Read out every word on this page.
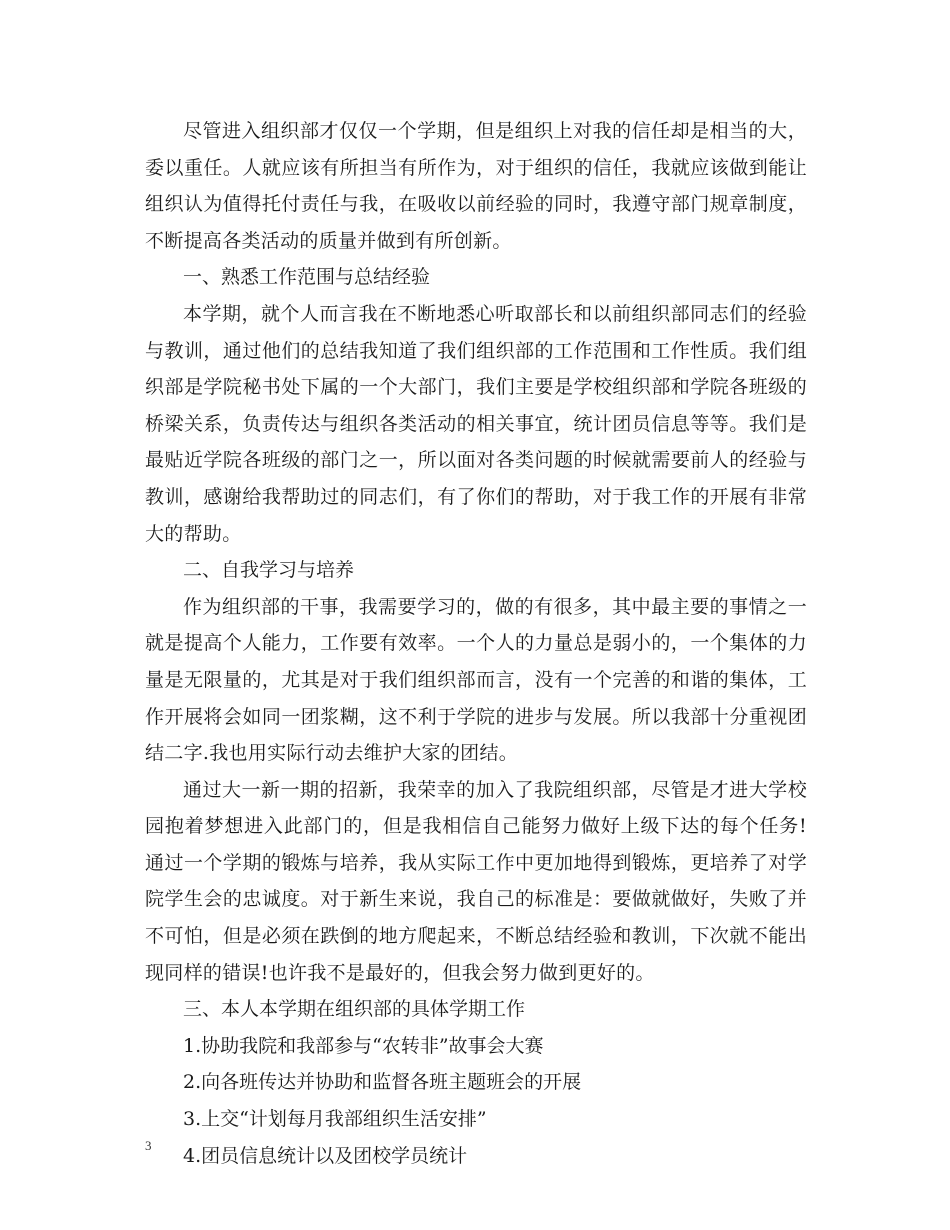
尽管进入组织部才仅仅一个学期，但是组织上对我的信任却是相当的大，委以重任。人就应该有所担当有所作为，对于组织的信任，我就应该做到能让组织认为值得托付责任与我，在吸收以前经验的同时，我遵守部门规章制度，不断提高各类活动的质量并做到有所创新。

一、熟悉工作范围与总结经验

本学期，就个人而言我在不断地悉心听取部长和以前组织部同志们的经验与教训，通过他们的总结我知道了我们组织部的工作范围和工作性质。我们组织部是学院秘书处下属的一个大部门，我们主要是学校组织部和学院各班级的桥梁关系，负责传达与组织各类活动的相关事宜，统计团员信息等等。我们是最贴近学院各班级的部门之一，所以面对各类问题的时候就需要前人的经验与教训，感谢给我帮助过的同志们，有了你们的帮助，对于我工作的开展有非常大的帮助。

二、自我学习与培养

作为组织部的干事，我需要学习的，做的有很多，其中最主要的事情之一就是提高个人能力，工作要有效率。一个人的力量总是弱小的，一个集体的力量是无限量的，尤其是对于我们组织部而言，没有一个完善的和谐的集体，工作开展将会如同一团浆糊，这不利于学院的进步与发展。所以我部十分重视团结二字.我也用实际行动去维护大家的团结。

通过大一新一期的招新，我荣幸的加入了我院组织部，尽管是才进大学校园抱着梦想进入此部门的，但是我相信自己能努力做好上级下达的每个任务!通过一个学期的锻炼与培养，我从实际工作中更加地得到锻炼，更培养了对学院学生会的忠诚度。对于新生来说，我自己的标准是：要做就做好，失败了并不可怕，但是必须在跌倒的地方爬起来，不断总结经验和教训，下次就不能出现同样的错误!也许我不是最好的，但我会努力做到更好的。

三、本人本学期在组织部的具体学期工作

1.协助我院和我部参与“农转非”故事会大赛

2.向各班传达并协助和监督各班主题班会的开展

3.上交“计划每月我部组织生活安排”

4.团员信息统计以及团校学员统计

3
